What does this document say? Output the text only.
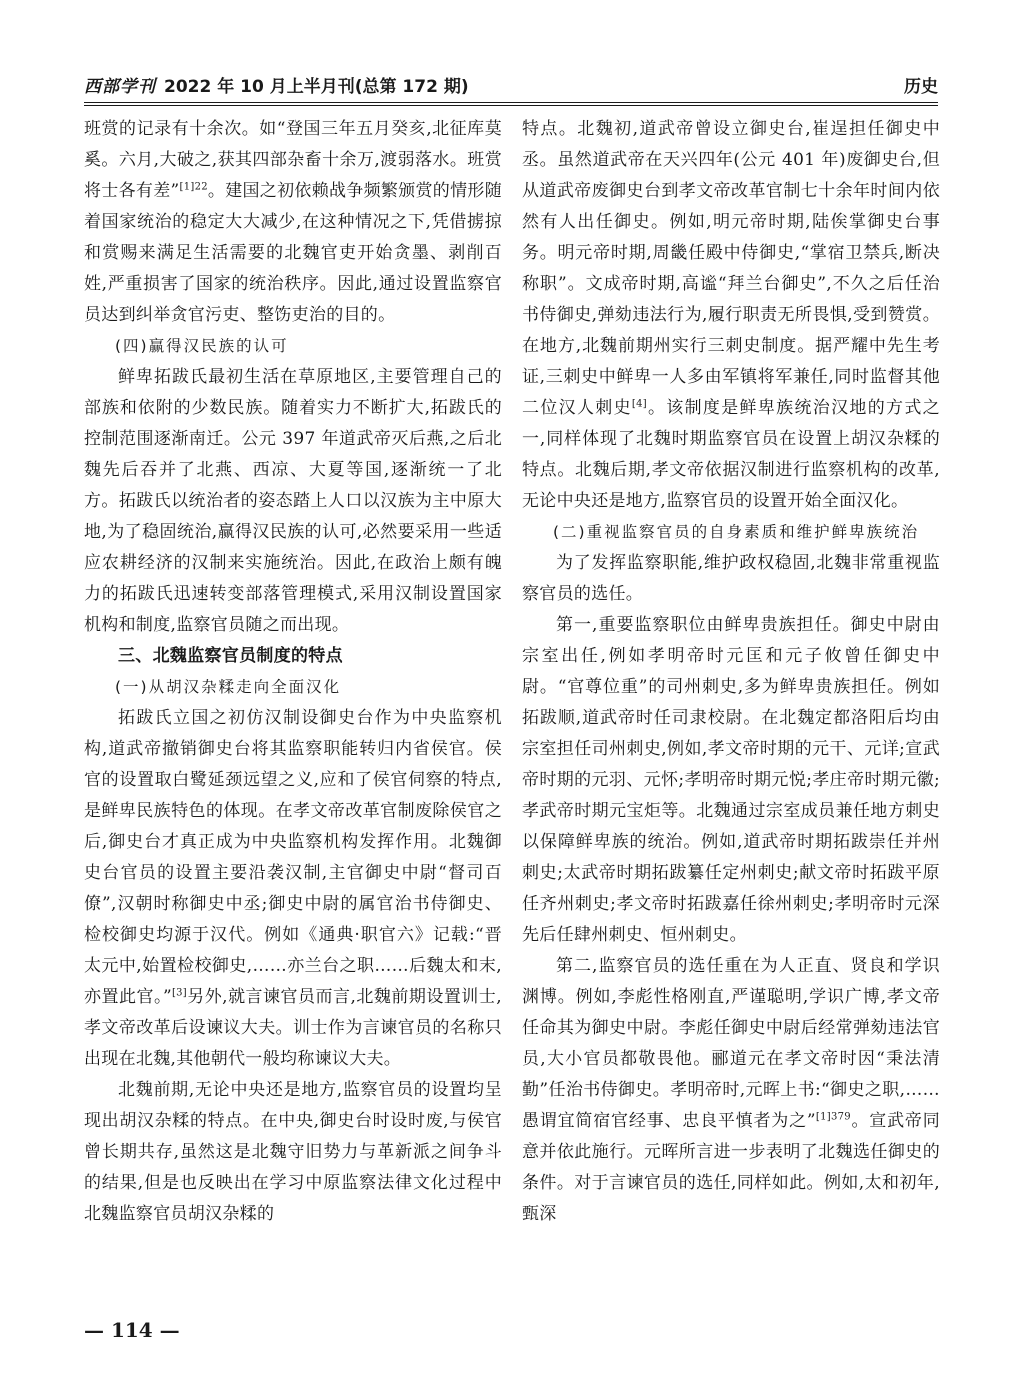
西部学刊 2022 年 10 月上半月刊(总第 172 期)	历史

班赏的记录有十余次。如“登国三年五月癸亥,北征库莫奚。六月,大破之,获其四部杂畜十余万,渡弱落水。班赏将士各有差”$^{[1]22}$。建国之初依赖战争频繁颁赏的情形随着国家统治的稳定大大减少,在这种情况之下,凭借掳掠和赏赐来满足生活需要的北魏官吏开始贪墨、剥削百姓,严重损害了国家的统治秩序。因此,通过设置监察官员达到纠举贪官污吏、整饬吏治的目的。

(四)赢得汉民族的认可

鲜卑拓跋氏最初生活在草原地区,主要管理自己的部族和依附的少数民族。随着实力不断扩大,拓跋氏的控制范围逐渐南迁。公元 397 年道武帝灭后燕,之后北魏先后吞并了北燕、西凉、大夏等国,逐渐统一了北方。拓跋氏以统治者的姿态踏上人口以汉族为主中原大地,为了稳固统治,赢得汉民族的认可,必然要采用一些适应农耕经济的汉制来实施统治。因此,在政治上颇有魄力的拓跋氏迅速转变部落管理模式,采用汉制设置国家机构和制度,监察官员随之而出现。

三、北魏监察官员制度的特点

(一)从胡汉杂糅走向全面汉化

拓跋氏立国之初仿汉制设御史台作为中央监察机构,道武帝撤销御史台将其监察职能转归内省侯官。侯官的设置取白鹭延颈远望之义,应和了侯官伺察的特点,是鲜卑民族特色的体现。在孝文帝改革官制废除侯官之后,御史台才真正成为中央监察机构发挥作用。北魏御史台官员的设置主要沿袭汉制,主官御史中尉“督司百僚”,汉朝时称御史中丞;御史中尉的属官治书侍御史、检校御史均源于汉代。例如《通典·职官六》记载:“晋太元中,始置检校御史,……亦兰台之职……后魏太和末,亦置此官。”[3]另外,就言谏官员而言,北魏前期设置训士,孝文帝改革后设谏议大夫。训士作为言谏官员的名称只出现在北魏,其他朝代一般均称谏议大夫。

北魏前期,无论中央还是地方,监察官员的设置均呈现出胡汉杂糅的特点。在中央,御史台时设时废,与侯官曾长期共存,虽然这是北魏守旧势力与革新派之间争斗的结果,但是也反映出在学习中原监察法律文化过程中北魏监察官员胡汉杂糅的

特点。北魏初,道武帝曾设立御史台,崔逞担任御史中丞。虽然道武帝在天兴四年(公元 401 年)废御史台,但从道武帝废御史台到孝文帝改革官制七十余年时间内依然有人出任御史。例如,明元帝时期,陆俟掌御史台事务。明元帝时期,周畿任殿中侍御史,“掌宿卫禁兵,断决称职”。文成帝时期,高谧“拜兰台御史”,不久之后任治书侍御史,弹劾违法行为,履行职责无所畏惧,受到赞赏。在地方,北魏前期州实行三刺史制度。据严耀中先生考证,三刺史中鲜卑一人多由军镇将军兼任,同时监督其他二位汉人刺史[4]。该制度是鲜卑族统治汉地的方式之一,同样体现了北魏时期监察官员在设置上胡汉杂糅的特点。北魏后期,孝文帝依据汉制进行监察机构的改革,无论中央还是地方,监察官员的设置开始全面汉化。

(二)重视监察官员的自身素质和维护鲜卑族统治

为了发挥监察职能,维护政权稳固,北魏非常重视监察官员的选任。

第一,重要监察职位由鲜卑贵族担任。御史中尉由宗室出任,例如孝明帝时元匡和元子攸曾任御史中尉。“官尊位重”的司州刺史,多为鲜卑贵族担任。例如拓跋顺,道武帝时任司隶校尉。在北魏定都洛阳后均由宗室担任司州刺史,例如,孝文帝时期的元干、元详;宣武帝时期的元羽、元怀;孝明帝时期元悦;孝庄帝时期元徽;孝武帝时期元宝炬等。北魏通过宗室成员兼任地方刺史以保障鲜卑族的统治。例如,道武帝时期拓跋崇任并州刺史;太武帝时期拓跋纂任定州刺史;献文帝时拓跋平原任齐州刺史;孝文帝时拓跋嘉任徐州刺史;孝明帝时元深先后任肆州刺史、恒州刺史。

第二,监察官员的选任重在为人正直、贤良和学识渊博。例如,李彪性格刚直,严谨聪明,学识广博,孝文帝任命其为御史中尉。李彪任御史中尉后经常弹劾违法官员,大小官员都敬畏他。郦道元在孝文帝时因“秉法清勤”任治书侍御史。孝明帝时,元晖上书:“御史之职,……愚谓宜简宿官经事、忠良平慎者为之”$^{[1]379}$。宣武帝同意并依此施行。元晖所言进一步表明了北魏选任御史的条件。对于言谏官员的选任,同样如此。例如,太和初年,甄深

— 114 —
